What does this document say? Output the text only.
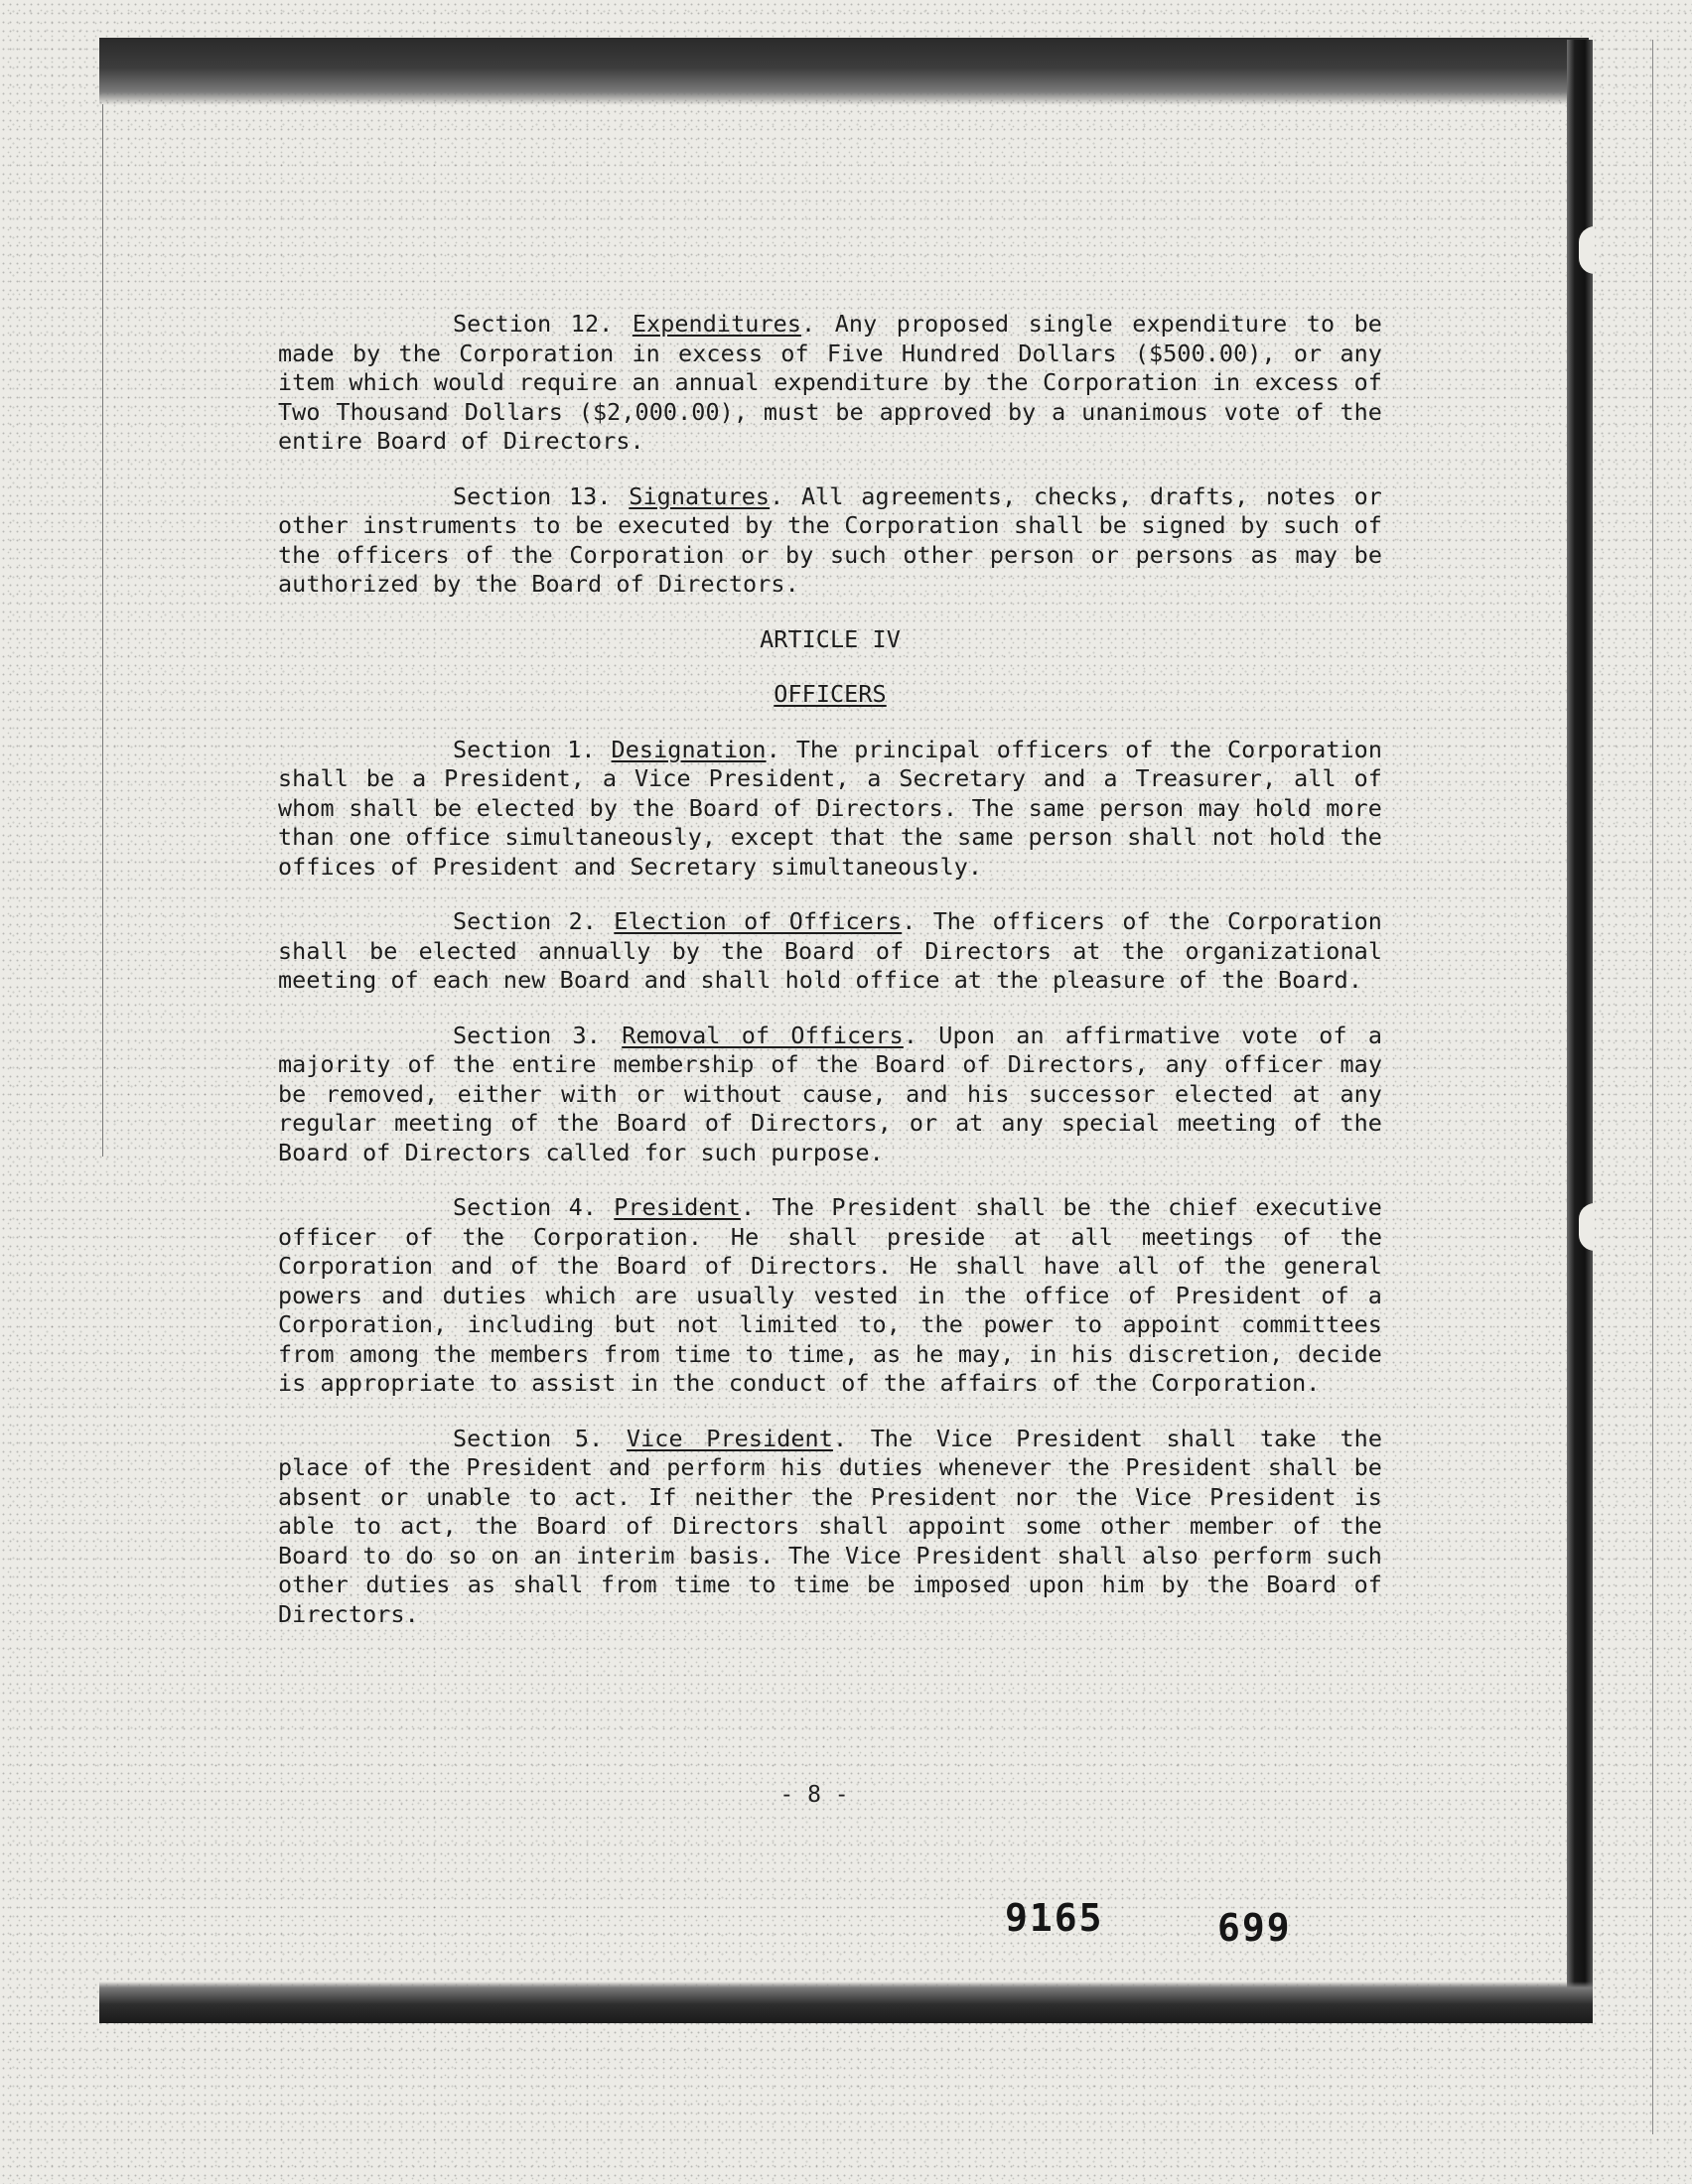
Section 12. Expenditures. Any proposed single expenditure to be made by the Corporation in excess of Five Hundred Dollars ($500.00), or any item which would require an annual expenditure by the Corporation in excess of Two Thousand Dollars ($2,000.00), must be approved by a unanimous vote of the entire Board of Directors.

Section 13. Signatures. All agreements, checks, drafts, notes or other instruments to be executed by the Corporation shall be signed by such of the officers of the Corporation or by such other person or persons as may be authorized by the Board of Directors.

ARTICLE IV

OFFICERS

Section 1. Designation. The principal officers of the Corporation shall be a President, a Vice President, a Secretary and a Treasurer, all of whom shall be elected by the Board of Directors. The same person may hold more than one office simultaneously, except that the same person shall not hold the offices of President and Secretary simultaneously.

Section 2. Election of Officers. The officers of the Corporation shall be elected annually by the Board of Directors at the organizational meeting of each new Board and shall hold office at the pleasure of the Board.

Section 3. Removal of Officers. Upon an affirmative vote of a majority of the entire membership of the Board of Directors, any officer may be removed, either with or without cause, and his successor elected at any regular meeting of the Board of Directors, or at any special meeting of the Board of Directors called for such purpose.

Section 4. President. The President shall be the chief executive officer of the Corporation. He shall preside at all meetings of the Corporation and of the Board of Directors. He shall have all of the general powers and duties which are usually vested in the office of President of a Corporation, including but not limited to, the power to appoint committees from among the members from time to time, as he may, in his discretion, decide is appropriate to assist in the conduct of the affairs of the Corporation.

Section 5. Vice President. The Vice President shall take the place of the President and perform his duties whenever the President shall be absent or unable to act. If neither the President nor the Vice President is able to act, the Board of Directors shall appoint some other member of the Board to do so on an interim basis. The Vice President shall also perform such other duties as shall from time to time be imposed upon him by the Board of Directors.

- 8 -
9165	699
